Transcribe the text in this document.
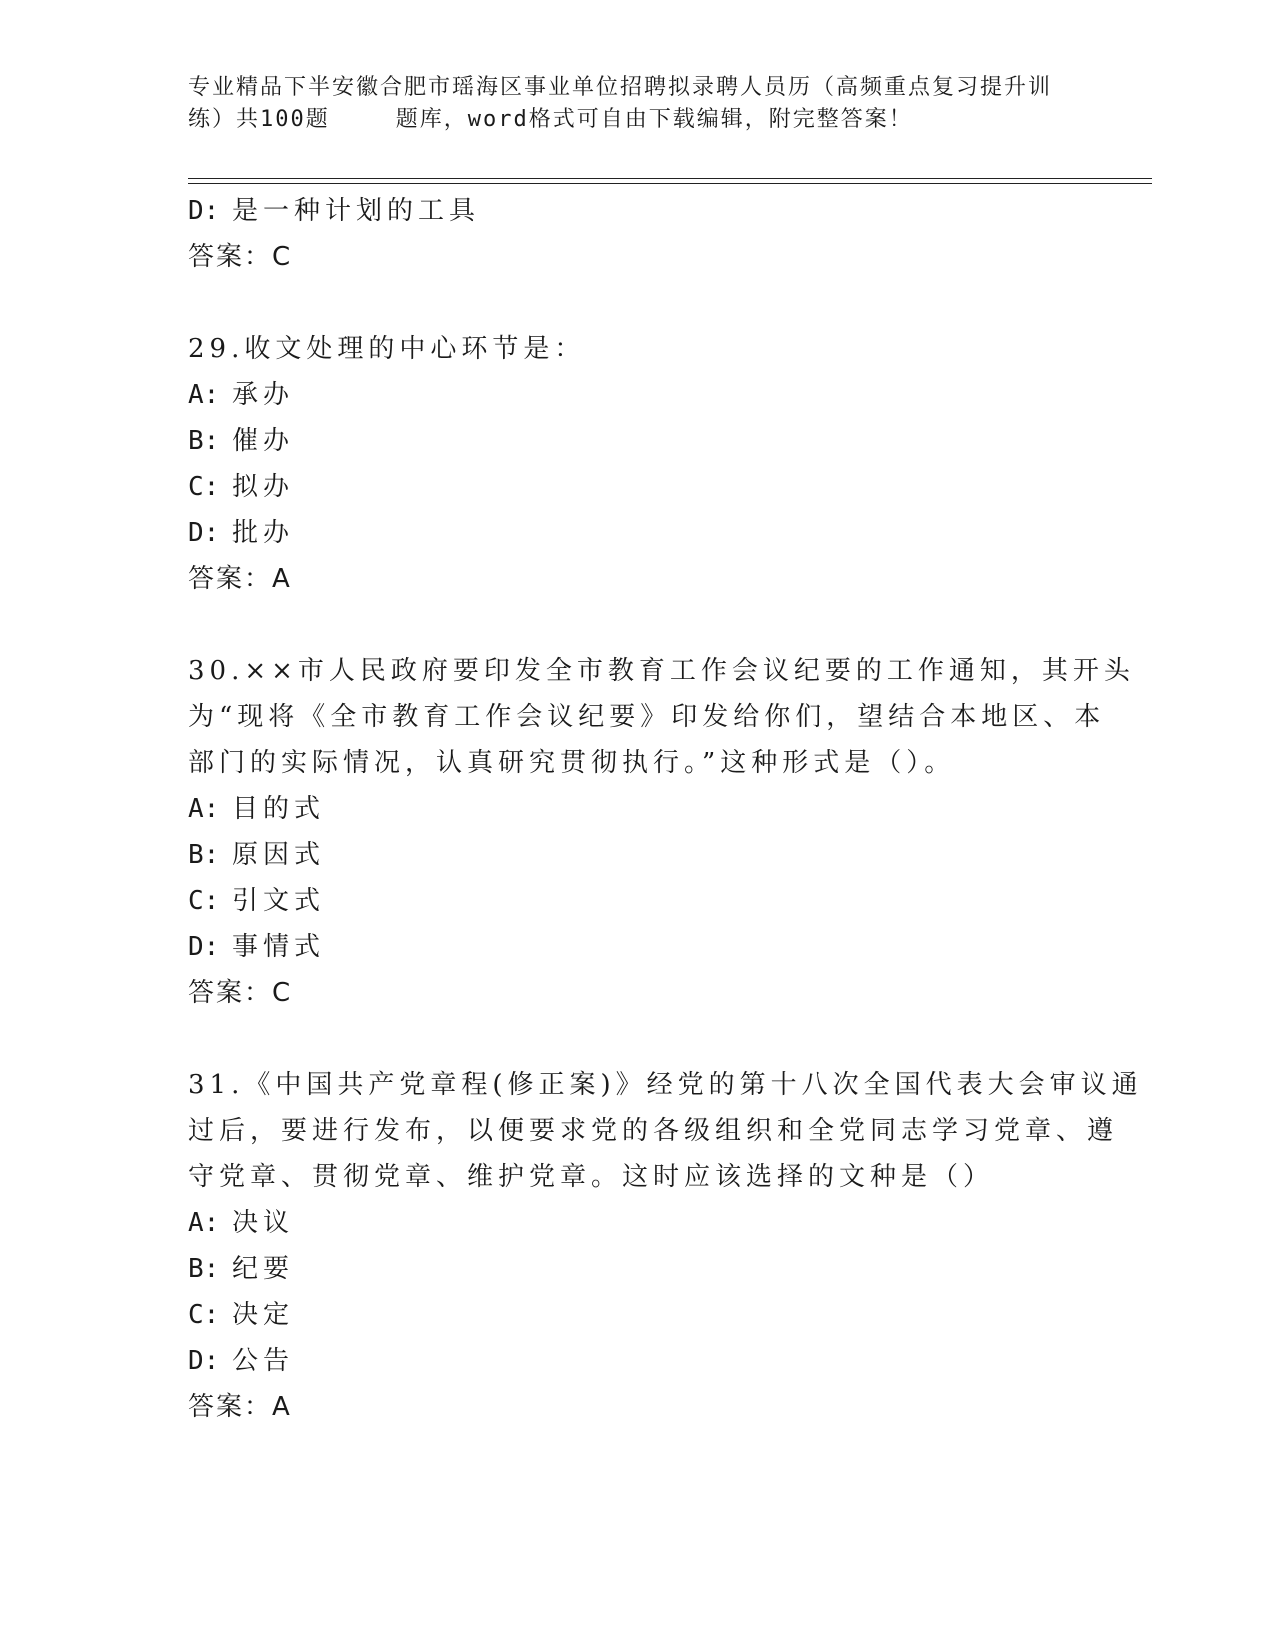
专业精品下半安徽合肥市瑶海区事业单位招聘拟录聘人员历（高频重点复习提升训
练）共100题	题库，word格式可自由下载编辑，附完整答案！
D: 是一种计划的工具
答案：C
29.收文处理的中心环节是：
A: 承办
B: 催办
C: 拟办
D: 批办
答案：A
30.××市人民政府要印发全市教育工作会议纪要的工作通知，其开头
为“现将《全市教育工作会议纪要》印发给你们，望结合本地区、本
部门的实际情况，认真研究贯彻执行。”这种形式是（）。
A: 目的式
B: 原因式
C: 引文式
D: 事情式
答案：C
31.《中国共产党章程(修正案)》经党的第十八次全国代表大会审议通
过后，要进行发布，以便要求党的各级组织和全党同志学习党章、遵
守党章、贯彻党章、维护党章。这时应该选择的文种是（）
A: 决议
B: 纪要
C: 决定
D: 公告
答案：A
